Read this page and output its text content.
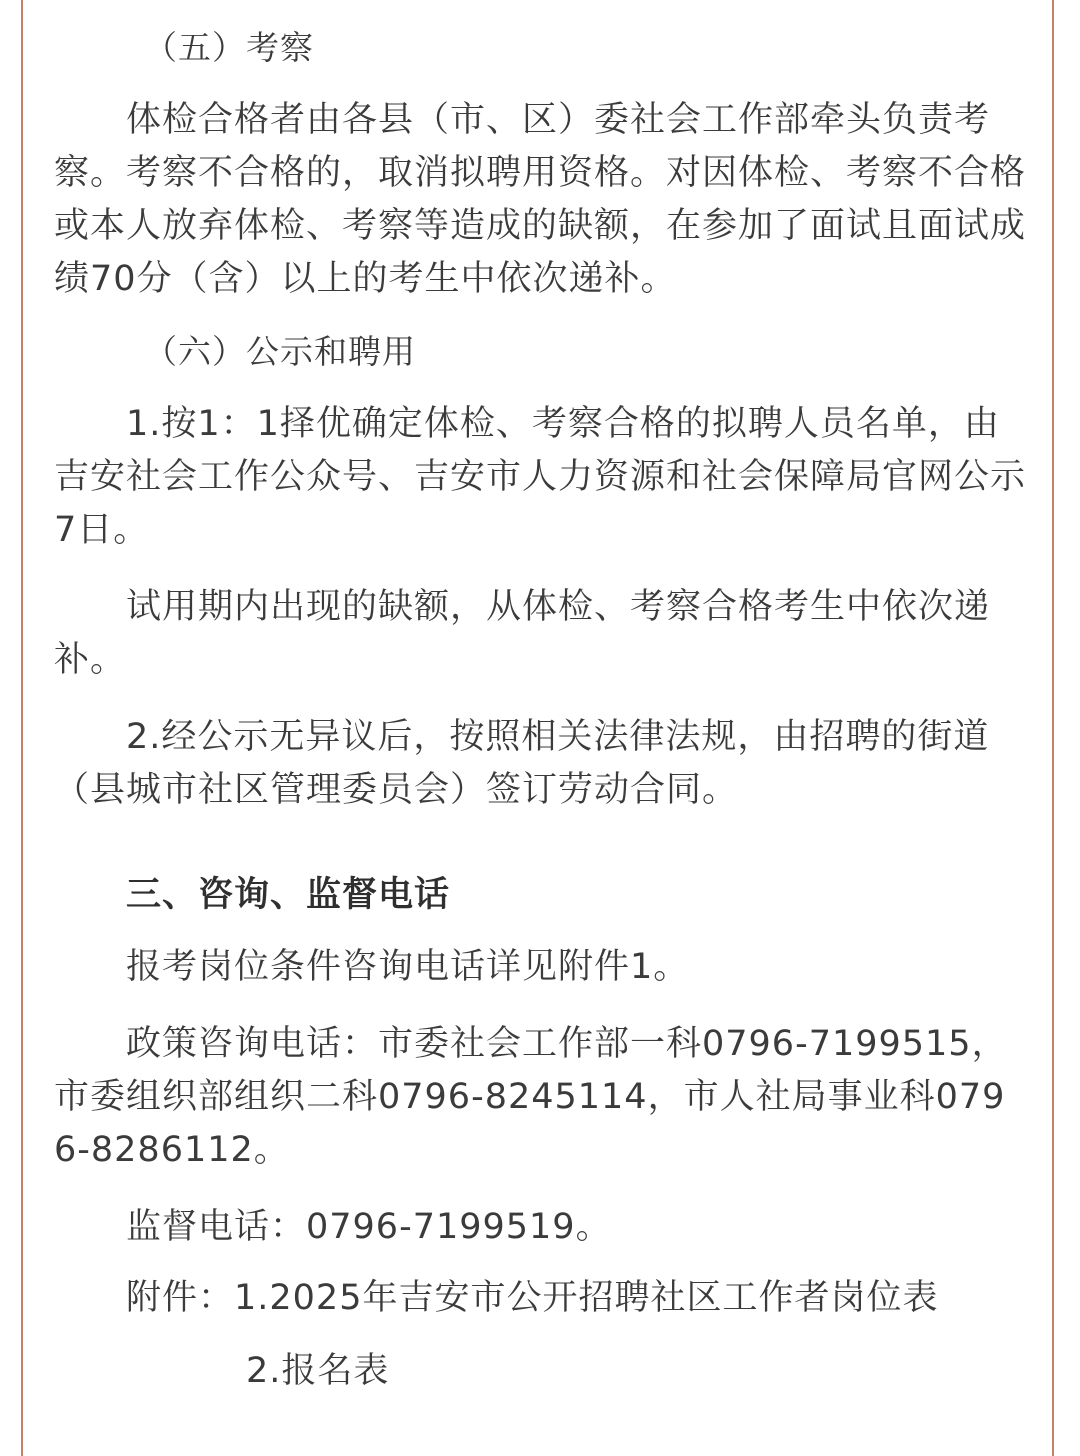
（五）考察

体检合格者由各县（市、区）委社会工作部牵头负责考察。考察不合格的，取消拟聘用资格。对因体检、考察不合格或本人放弃体检、考察等造成的缺额，在参加了面试且面试成绩70分（含）以上的考生中依次递补。

（六）公示和聘用

1.按1：1择优确定体检、考察合格的拟聘人员名单，由吉安社会工作公众号、吉安市人力资源和社会保障局官网公示7日。

试用期内出现的缺额，从体检、考察合格考生中依次递补。

2.经公示无异议后，按照相关法律法规，由招聘的街道（县城市社区管理委员会）签订劳动合同。

三、咨询、监督电话

报考岗位条件咨询电话详见附件1。

政策咨询电话：市委社会工作部一科0796-7199515，市委组织部组织二科0796-8245114，市人社局事业科0796-8286112。

监督电话：0796-7199519。

附件：1.2025年吉安市公开招聘社区工作者岗位表

2.报名表
